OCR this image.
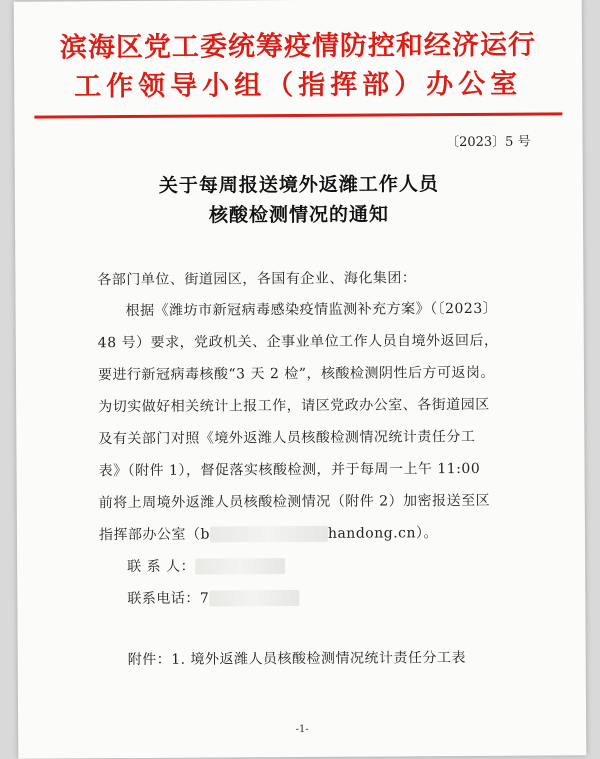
滨海区党工委统筹疫情防控和经济运行
工作领导小组（指挥部）办公室
〔2023〕5 号
关于每周报送境外返潍工作人员
核酸检测情况的通知
各部门单位、街道园区，各国有企业、海化集团：
根据《潍坊市新冠病毒感染疫情监测补充方案》（〔2023〕
48 号）要求，党政机关、企事业单位工作人员自境外返回后，
要进行新冠病毒核酸“3 天 2 检”，核酸检测阴性后方可返岗。
为切实做好相关统计上报工作，请区党政办公室、各街道园区
及有关部门对照《境外返潍人员核酸检测情况统计责任分工
表》（附件 1），督促落实核酸检测，并于每周一上午 11:00
前将上周境外返潍人员核酸检测情况（附件 2）加密报送至区
指挥部办公室（b	handong.cn）。
联 系 人：
联系电话：7
附件：1. 境外返潍人员核酸检测情况统计责任分工表
-1-
